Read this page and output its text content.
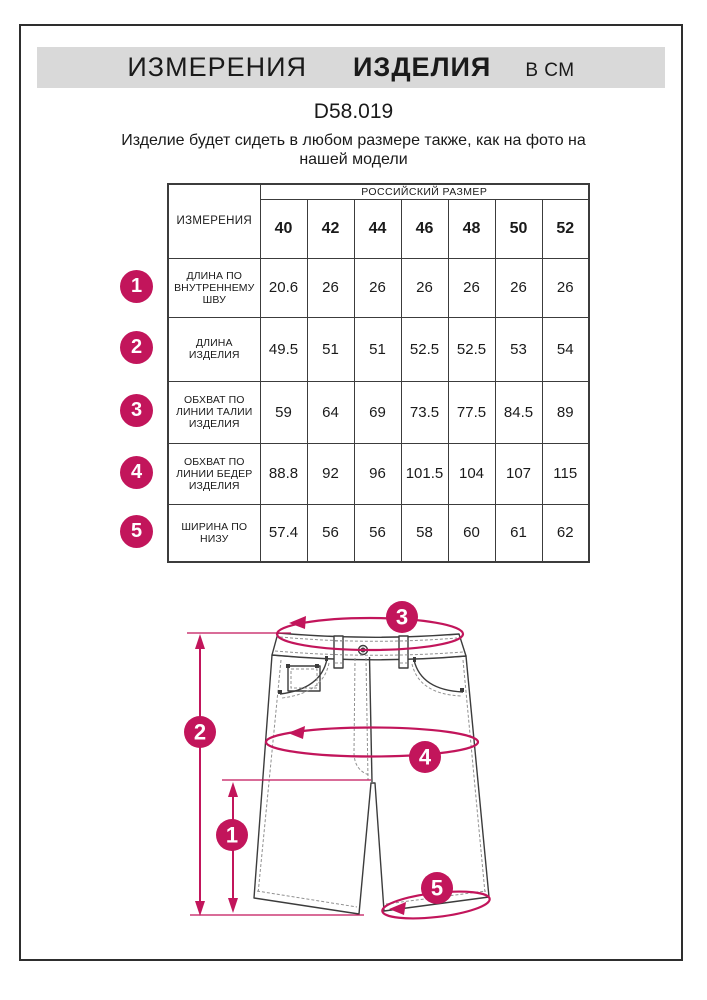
ИЗМЕРЕНИЯ ИЗДЕЛИЯ В СМ
D58.019
Изделие будет сидеть в любом размере также, как на фото на
нашей модели
ИЗМЕРЕНИЯ	РОССИЙСКИЙ РАЗМЕР						
	40	42	44	46	48	50	52
ДЛИНА ПО ВНУТРЕННЕМУ ШВУ	20.6	26	26	26	26	26	26
ДЛИНА ИЗДЕЛИЯ	49.5	51	51	52.5	52.5	53	54
ОБХВАТ ПО ЛИНИИ ТАЛИИ ИЗДЕЛИЯ	59	64	69	73.5	77.5	84.5	89
ОБХВАТ ПО ЛИНИИ БЕДЕР ИЗДЕЛИЯ	88.8	92	96	101.5	104	107	115
ШИРИНА ПО НИЗУ	57.4	56	56	58	60	61	62
1
2
3
4
5
3
2
4
1
5
